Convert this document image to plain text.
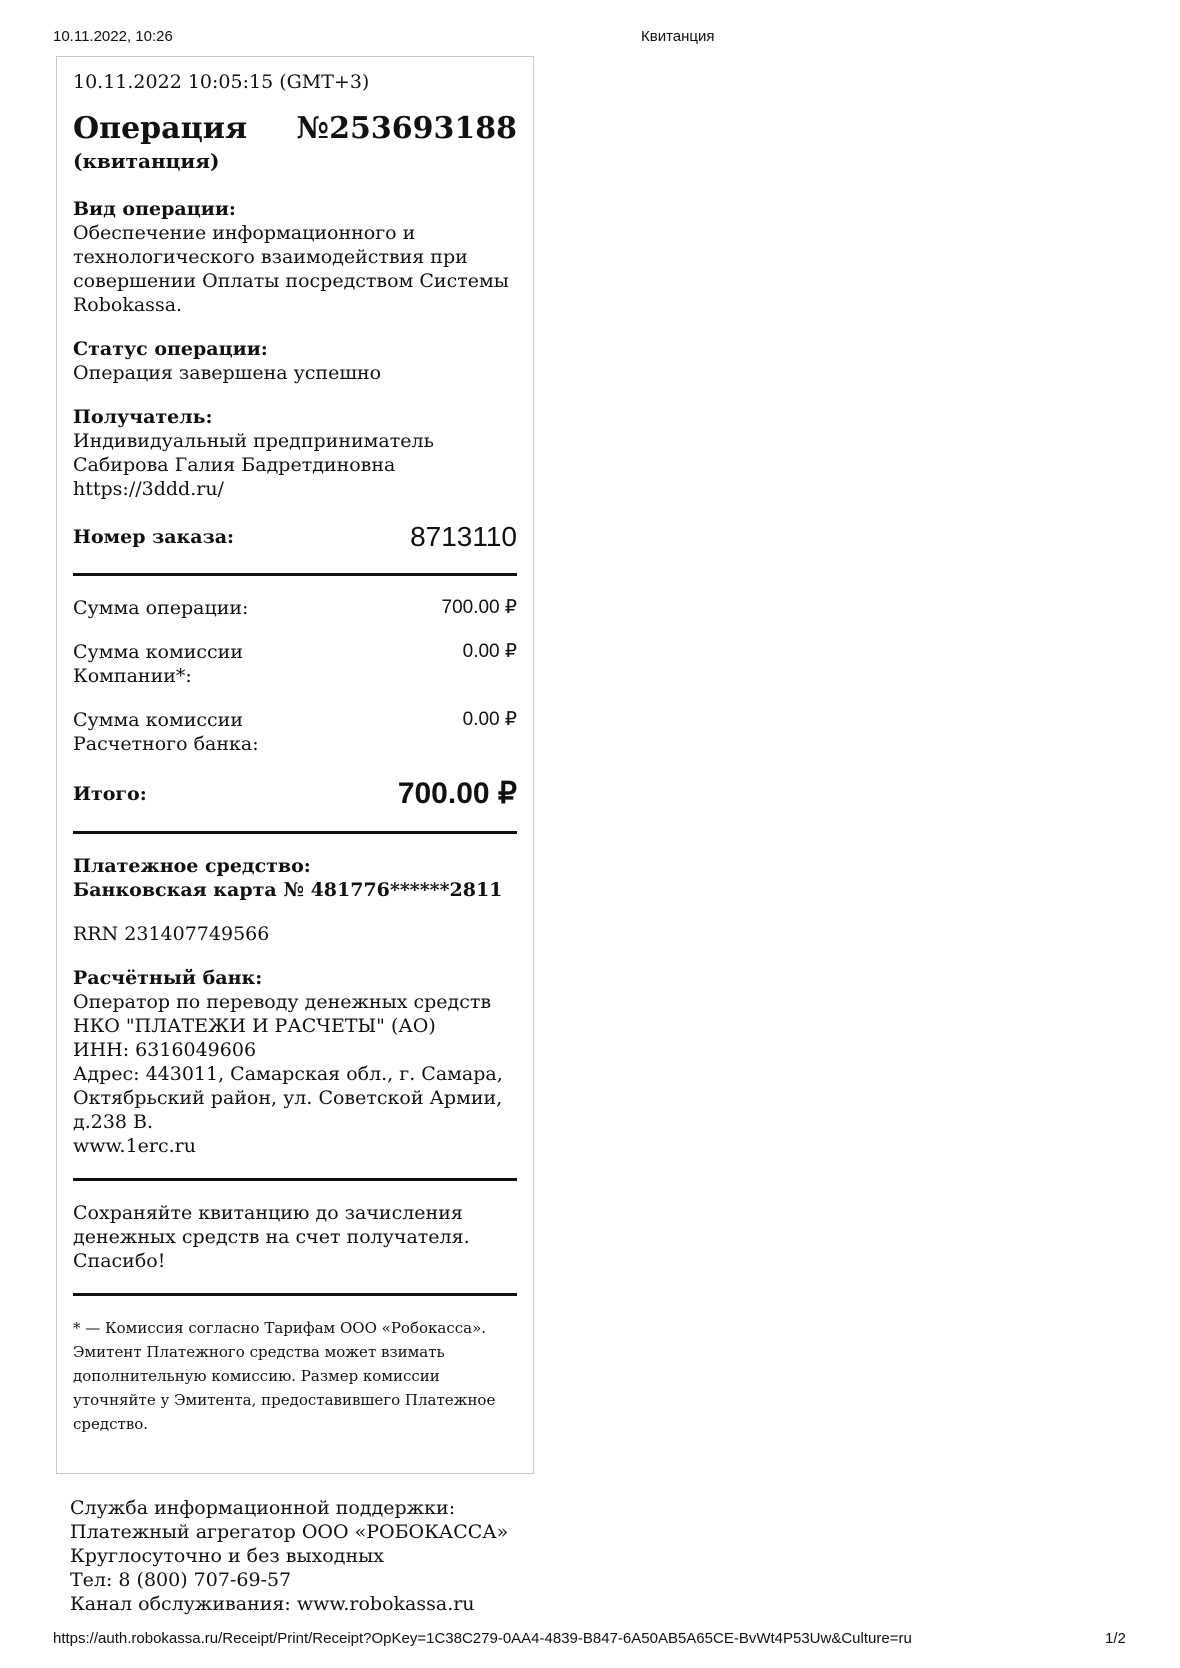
10.11.2022, 10:26	Квитанция
10.11.2022 10:05:15 (GMT+3)
Операция №253693188
(квитанция)
Вид операции:
Обеспечение информационного и
технологического взаимодействия при
совершении Оплаты посредством Системы
Robokassa.
Статус операции:
Операция завершена успешно
Получатель:
Индивидуальный предприниматель
Сабирова Галия Бадретдиновна
https://3ddd.ru/
Номер заказа:	8713110
Сумма операции:	700.00 ₽
Сумма комиссии
Компании*:
0.00 ₽
Сумма комиссии
Расчетного банка:
0.00 ₽
Итого:	700.00 ₽
Платежное средство:
Банковская карта № 481776******2811
RRN 231407749566
Расчётный банк:
Оператор по переводу денежных средств
НКО "ПЛАТЕЖИ И РАСЧЕТЫ" (АО)
ИНН: 6316049606
Адрес: 443011, Самарская обл., г. Самара,
Октябрьский район, ул. Советской Армии,
д.238 В.
www.1erc.ru
Сохраняйте квитанцию до зачисления
денежных средств на счет получателя.
Спасибо!
* — Комиссия согласно Тарифам ООО «Робокасса».
Эмитент Платежного средства может взимать
дополнительную комиссию. Размер комиссии
уточняйте у Эмитента, предоставившего Платежное
средство.
Служба информационной поддержки:
Платежный агрегатор ООО «РОБОКАССА»
Круглосуточно и без выходных
Тел: 8 (800) 707-69-57
Канал обслуживания: www.robokassa.ru
https://auth.robokassa.ru/Receipt/Print/Receipt?OpKey=1C38C279-0AA4-4839-B847-6A50AB5A65CE-BvWt4P53Uw&Culture=ru	1/2
